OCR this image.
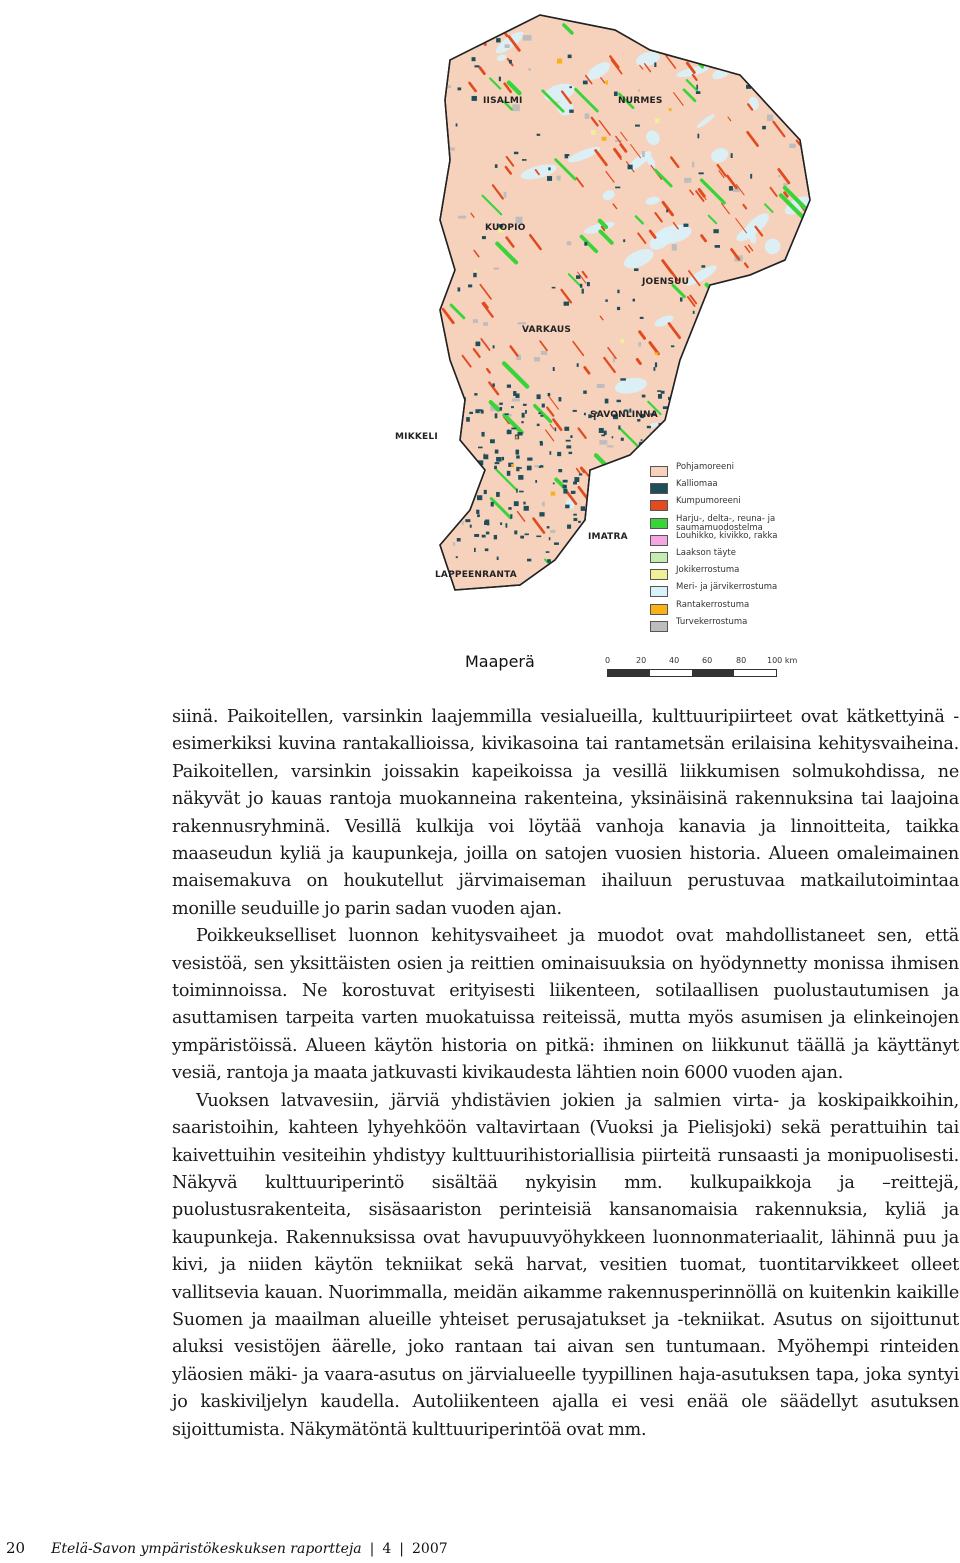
IISALMI	NURMES
KUOPIO
JOENSUU
VARKAUS
SAVONLINNA
MIKKELI
IMATRA
LAPPEENRANTA
Pohjamoreeni
Kalliomaa
Kumpumoreeni
Harju-, delta-, reuna- ja saumamuodostelma
Louhikko, kivikko, rakka
Laakson täyte
Jokikerrostuma
Meri- ja järvikerrostuma
Rantakerrostuma
Turvekerrostuma
Maaperä	0	20	40	60	80	100 km

siinä. Paikoitellen, varsinkin laajemmilla vesialueilla, kulttuuripiirteet ovat kätkettyinä - esimerkiksi kuvina rantakallioissa, kivikasoina tai rantametsän erilaisina kehitysvaiheina. Paikoitellen, varsinkin joissakin kapeikoissa ja vesillä liikkumisen solmukohdissa, ne näkyvät jo kauas rantoja muokanneina rakenteina, yksinäisinä rakennuksina tai laajoina rakennusryhminä. Vesillä kulkija voi löytää vanhoja kanavia ja linnoitteita, taikka maaseudun kyliä ja kaupunkeja, joilla on satojen vuosien historia. Alueen omaleimainen maisemakuva on houkutellut järvimaiseman ihailuun perustuvaa matkailutoimintaa monille seuduille jo parin sadan vuoden ajan.

Poikkeukselliset luonnon kehitysvaiheet ja muodot ovat mahdollistaneet sen, että vesistöä, sen yksittäisten osien ja reittien ominaisuuksia on hyödynnetty monissa ihmisen toiminnoissa. Ne korostuvat erityisesti liikenteen, sotilaallisen puolustautumisen ja asuttamisen tarpeita varten muokatuissa reiteissä, mutta myös asumisen ja elinkeinojen ympäristöissä. Alueen käytön historia on pitkä: ihminen on liikkunut täällä ja käyttänyt vesiä, rantoja ja maata jatkuvasti kivikaudesta lähtien noin 6000 vuoden ajan.

Vuoksen latvavesiin, järviä yhdistävien jokien ja salmien virta- ja koskipaikkoihin, saaristoihin, kahteen lyhyehköön valtavirtaan (Vuoksi ja Pielisjoki) sekä perattuihin tai kaivettuihin vesiteihin yhdistyy kulttuurihistoriallisia piirteitä runsaasti ja monipuolisesti. Näkyvä kulttuuriperintö sisältää nykyisin mm. kulkupaikkoja ja –reittejä, puolustusrakenteita, sisäsaariston perinteisiä kansanomaisia rakennuksia, kyliä ja kaupunkeja. Rakennuksissa ovat havupuuvyöhykkeen luonnonmateriaalit, lähinnä puu ja kivi, ja niiden käytön tekniikat sekä harvat, vesitien tuomat, tuontitarvikkeet olleet vallitsevia kauan. Nuorimmalla, meidän aikamme rakennusperinnöllä on kuitenkin kaikille Suomen ja maailman alueille yhteiset perusajatukset ja -tekniikat. Asutus on sijoittunut aluksi vesistöjen äärelle, joko rantaan tai aivan sen tuntumaan. Myöhempi rinteiden yläosien mäki- ja vaara-asutus on järvialueelle tyypillinen haja-asutuksen tapa, joka syntyi jo kaskiviljelyn kaudella. Autoliikenteen ajalla ei vesi enää ole säädellyt asutuksen sijoittumista. Näkymätöntä kulttuuriperintöä ovat mm.

20 Etelä-Savon ympäristökeskuksen raportteja | 4 | 2007
